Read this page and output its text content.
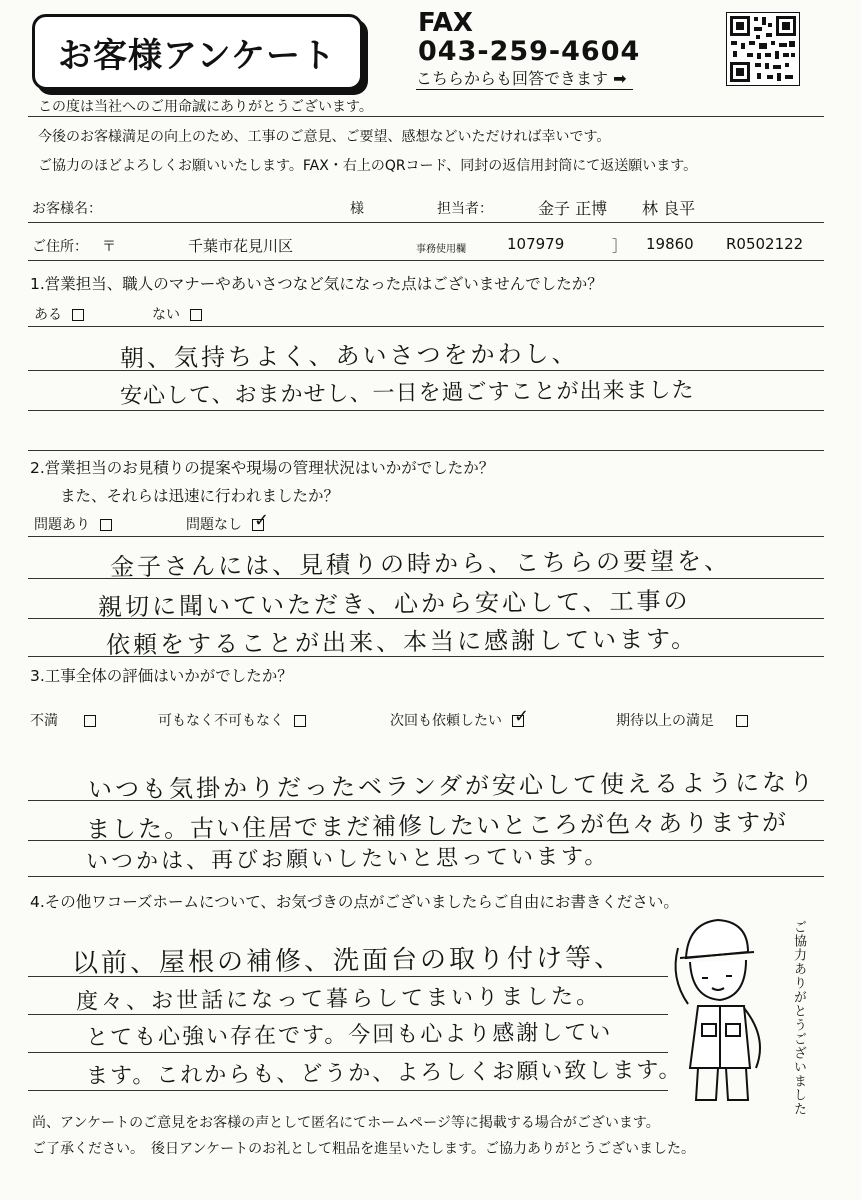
お客様アンケート
FAX
043-259-4604
こちらからも回答できます ➡
この度は当社へのご用命誠にありがとうございます。
今後のお客様満足の向上のため、工事のご意見、ご要望、感想などいただければ幸いです。
ご協力のほどよろしくお願いいたします。FAX・右上のQRコード、同封の返信用封筒にて返送願います。
お客様名：	様	担当者：	金子 正博 林 良平
ご住所： 〒	千葉市花見川区	事務使用欄	107979	］ 19860 R0502122
1.営業担当、職人のマナーやあいさつなど気になった点はございませんでしたか？
ある	ない
朝、気持ちよく、あいさつをかわし、
安心して、おまかせし、一日を過ごすことが出来ました
2.営業担当のお見積りの提案や現場の管理状況はいかがでしたか？
また、それらは迅速に行われましたか？
問題あり	問題なし ✓
金子さんには、見積りの時から、こちらの要望を、
親切に聞いていただき、心から安心して、工事の
依頼をすることが出来、本当に感謝しています。
3.工事全体の評価はいかがでしたか？
不満	可もなく不可もなく	次回も依頼したい ✓	期待以上の満足
いつも気掛かりだったベランダが安心して使えるようになり
ました。古い住居でまだ補修したいところが色々ありますが
いつかは、再びお願いしたいと思っています。
4.その他ワコーズホームについて、お気づきの点がございましたらご自由にお書きください。
以前、屋根の補修、洗面台の取り付け等、
度々、お世話になって暮らしてまいりました。
とても心強い存在です。今回も心より感謝してい
ます。これからも、どうか、よろしくお願い致します。	ご協力ありがとうございました
尚、アンケートのご意見をお客様の声として匿名にてホームページ等に掲載する場合がございます。
ご了承ください。　後日アンケートのお礼として粗品を進呈いたします。ご協力ありがとうございました。
